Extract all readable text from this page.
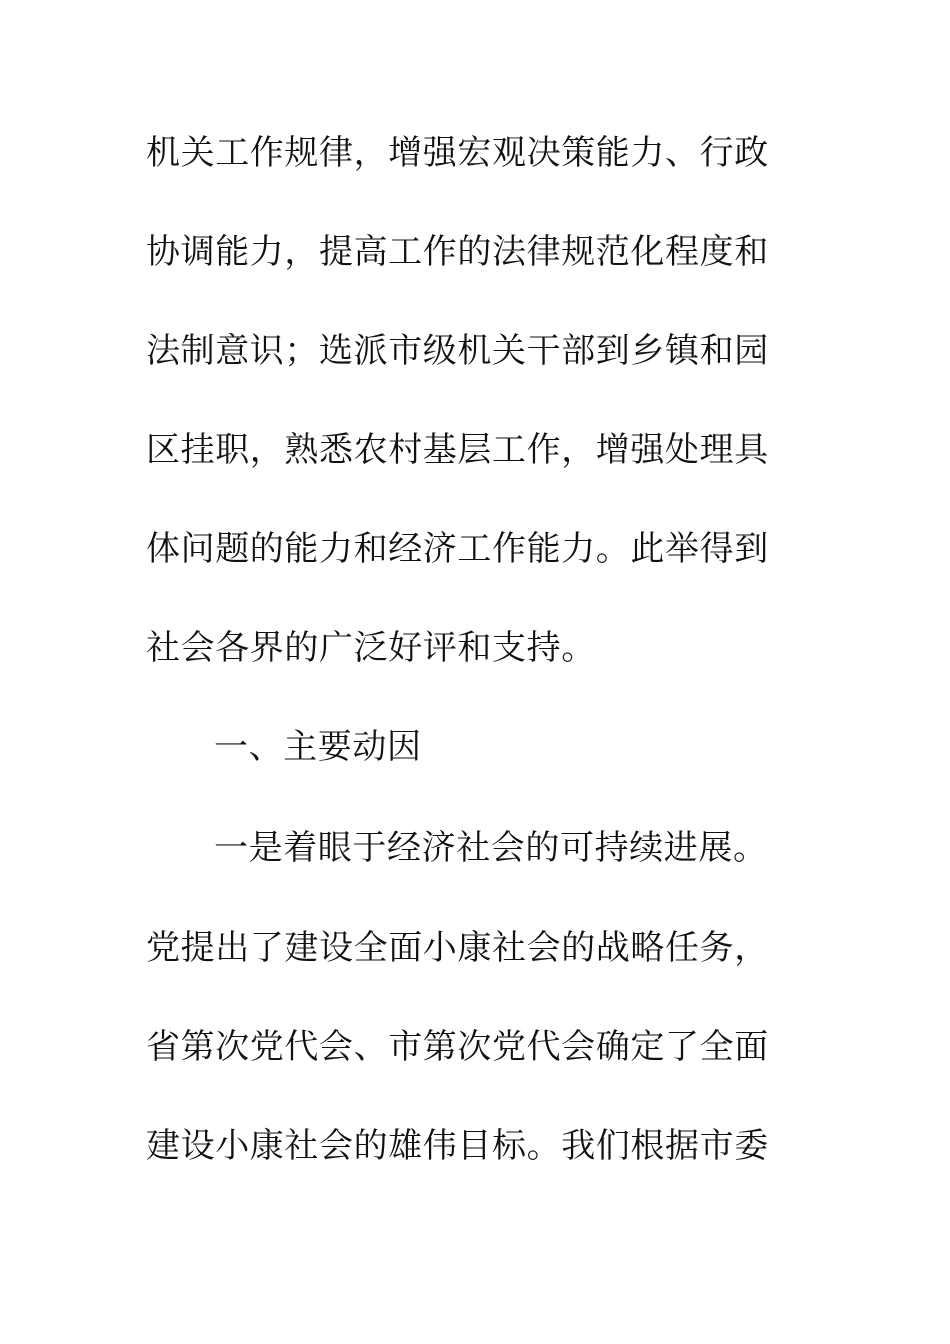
机关工作规律，增强宏观决策能力、行政
协调能力，提高工作的法律规范化程度和
法制意识；选派市级机关干部到乡镇和园
区挂职，熟悉农村基层工作，增强处理具
体问题的能力和经济工作能力。此举得到
社会各界的广泛好评和支持。
一、主要动因
一是着眼于经济社会的可持续进展。
党提出了建设全面小康社会的战略任务，
省第次党代会、市第次党代会确定了全面
建设小康社会的雄伟目标。我们根据市委
